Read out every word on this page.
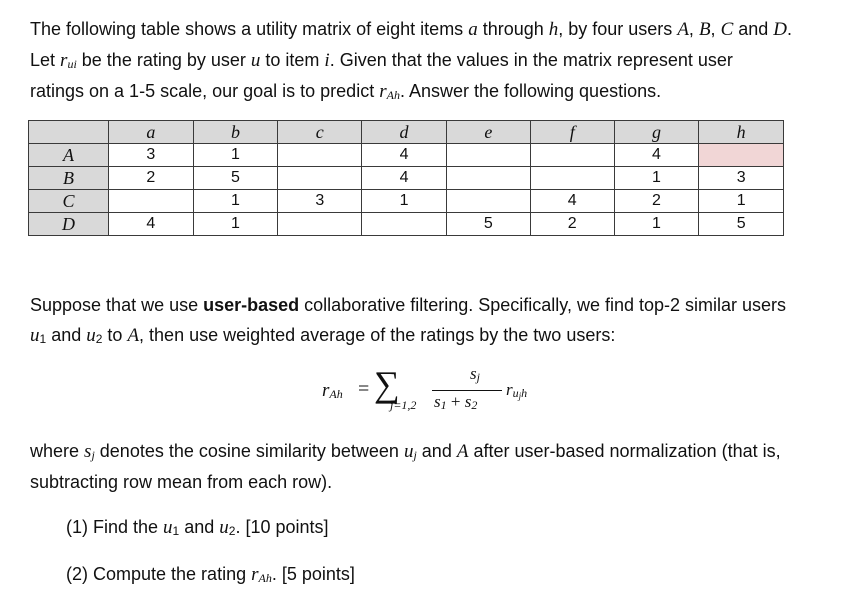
The following table shows a utility matrix of eight items a through h, by four users A, B, C and D.

Let $r_{ui}$ be the rating by user u to item i. Given that the values in the matrix represent user

ratings on a 1-5 scale, our goal is to predict $r_{Ah}$. Answer the following questions.

	a	b	c	d	e	f	g	h
A	3	1		4			4	
B	2	5		4			1	3
C		1	3	1		4	2	1
D	4	1			5	2	1	5

Suppose that we use user-based collaborative filtering. Specifically, we find top-2 similar users

$u_1$ and $u_2$ to A, then use weighted average of the ratings by the two users:

$r_{Ah}$ = ∑
j=1,2
$s_j$
$s_1 + s_2$
$r_{u_jh}$

where $s_j$ denotes the cosine similarity between $u_j$ and A after user-based normalization (that is,

subtracting row mean from each row).

(1) Find the $u_1$ and $u_2$. [10 points]

(2) Compute the rating $r_{Ah}$. [5 points]
